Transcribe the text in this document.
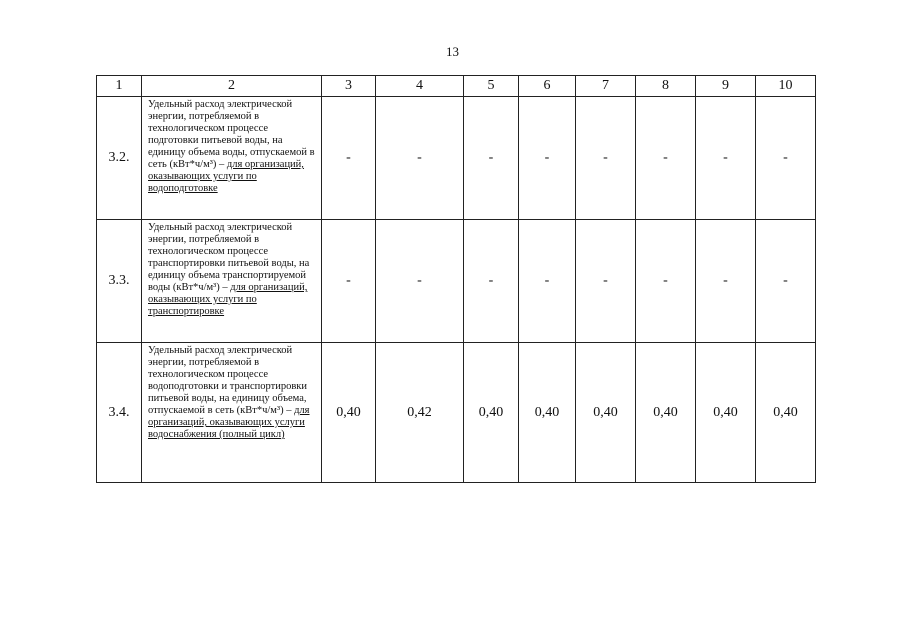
13
1	2	3	4	5	6	7	8	9	10
3.2.	Удельный расход электрической энергии, потребляемой в технологическом процессе подготовки питьевой воды, на единицу объема воды, отпускаемой в сеть (кВт*ч/м³) – для организаций, оказывающих услуги по водоподготовке	-	-	-	-	-	-	-	-
3.3.	Удельный расход электрической энергии, потребляемой в технологическом процессе транспортировки питьевой воды, на единицу объема транспортируемой воды (кВт*ч/м³) – для организаций, оказывающих услуги по транспортировке	-	-	-	-	-	-	-	-
3.4.	Удельный расход электрической энергии, потребляемой в технологическом процессе водоподготовки и транспортировки питьевой воды, на единицу объема, отпускаемой в сеть (кВт*ч/м³) – для организаций, оказывающих услуги водоснабжения (полный цикл)	0,40	0,42	0,40	0,40	0,40	0,40	0,40	0,40
